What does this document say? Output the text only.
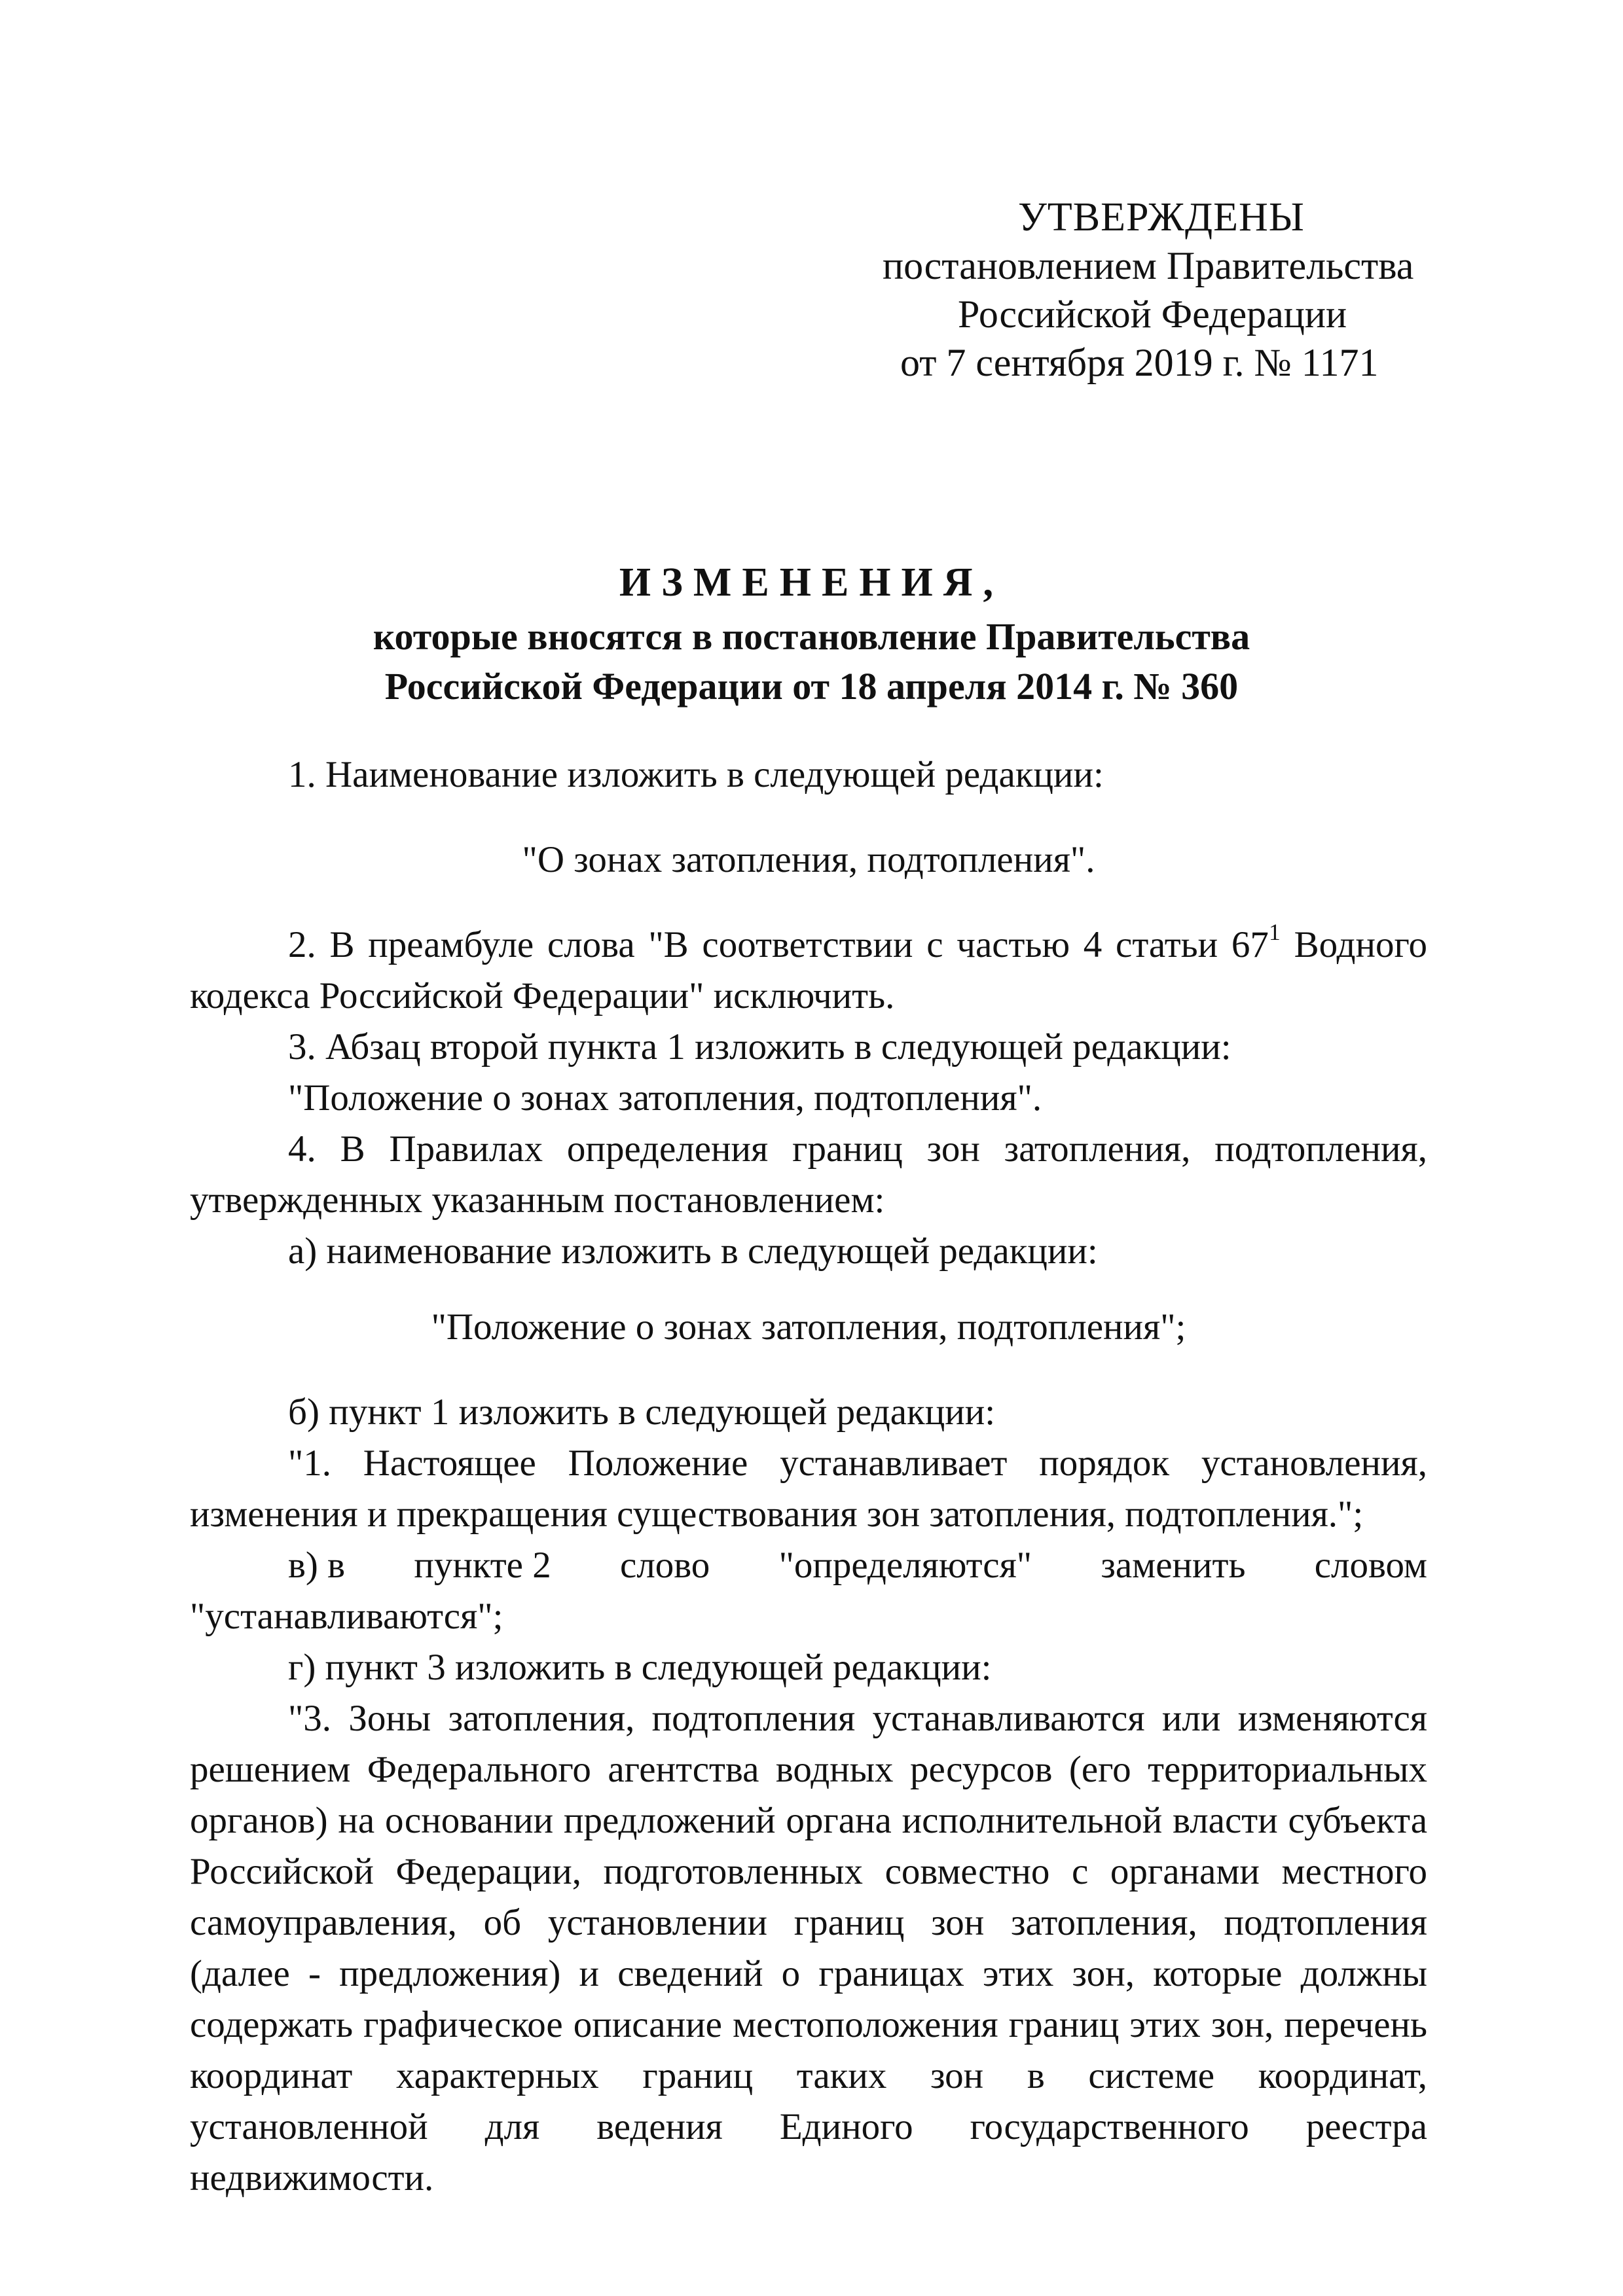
УТВЕРЖДЕНЫ
постановлением Правительства
Российской Федерации
от 7 сентября 2019 г. № 1171
ИЗМЕНЕНИЯ,
которые вносятся в постановление Правительства
Российской Федерации от 18 апреля 2014 г. № 360

1. Наименование изложить в следующей редакции:

"О зонах затопления, подтопления".

2. В преамбуле слова "В соответствии с частью 4 статьи $67^1$ Водного кодекса Российской Федерации" исключить.

3. Абзац второй пункта 1 изложить в следующей редакции:

"Положение о зонах затопления, подтопления".

4. В Правилах определения границ зон затопления, подтопления, утвержденных указанным постановлением:

а) наименование изложить в следующей редакции:

"Положение о зонах затопления, подтопления";

б) пункт 1 изложить в следующей редакции:

"1. Настоящее Положение устанавливает порядок установления, изменения и прекращения существования зон затопления, подтопления.";

в) в пункте 2 слово "определяются" заменить словом

"устанавливаются";

г) пункт 3 изложить в следующей редакции:

"3. Зоны затопления, подтопления устанавливаются или изменяются решением Федерального агентства водных ресурсов (его территориальных органов) на основании предложений органа исполнительной власти субъекта Российской Федерации, подготовленных совместно с органами местного самоуправления, об установлении границ зон затопления, подтопления (далее - предложения) и сведений о границах этих зон, которые должны содержать графическое описание местоположения границ этих зон, перечень координат характерных границ таких зон в системе координат, установленной для ведения Единого государственного реестра недвижимости.
